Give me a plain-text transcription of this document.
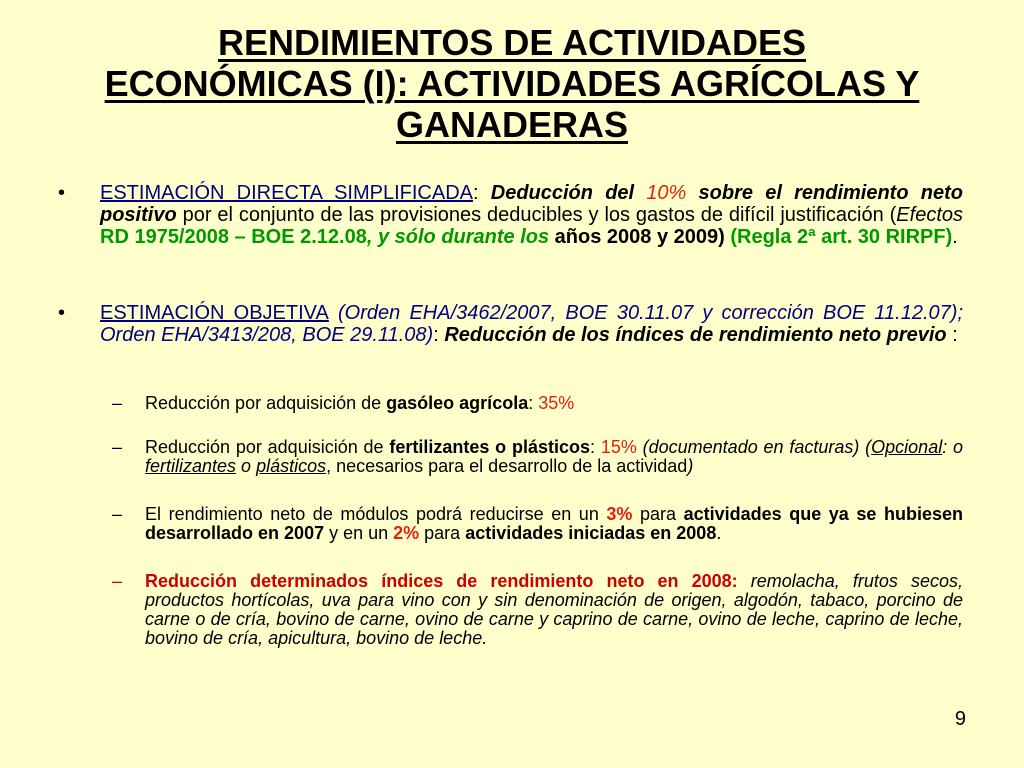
RENDIMIENTOS DE ACTIVIDADES
ECONÓMICAS (I): ACTIVIDADES AGRÍCOLAS Y
GANADERAS
• ESTIMACIÓN DIRECTA SIMPLIFICADA: Deducción del 10% sobre el rendimiento neto positivo por el conjunto de las provisiones deducibles y los gastos de difícil justificación (Efectos RD 1975/2008 – BOE 2.12.08, y sólo durante los años 2008 y 2009) (Regla 2ª art. 30 RIRPF).

• ESTIMACIÓN OBJETIVA (Orden EHA/3462/2007, BOE 30.11.07 y corrección BOE 11.12.07); Orden EHA/3413/208, BOE 29.11.08): Reducción de los índices de rendimiento neto previo :

– Reducción por adquisición de gasóleo agrícola: 35%

– Reducción por adquisición de fertilizantes o plásticos: 15% (documentado en facturas) (Opcional: o fertilizantes o plásticos, necesarios para el desarrollo de la actividad)

– El rendimiento neto de módulos podrá reducirse en un 3% para actividades que ya se hubiesen desarrollado en 2007 y en un 2% para actividades iniciadas en 2008.

– Reducción determinados índices de rendimiento neto en 2008: remolacha, frutos secos, productos hortícolas, uva para vino con y sin denominación de origen, algodón, tabaco, porcino de carne o de cría, bovino de carne, ovino de carne y caprino de carne, ovino de leche, caprino de leche, bovino de cría, apicultura, bovino de leche.

9
